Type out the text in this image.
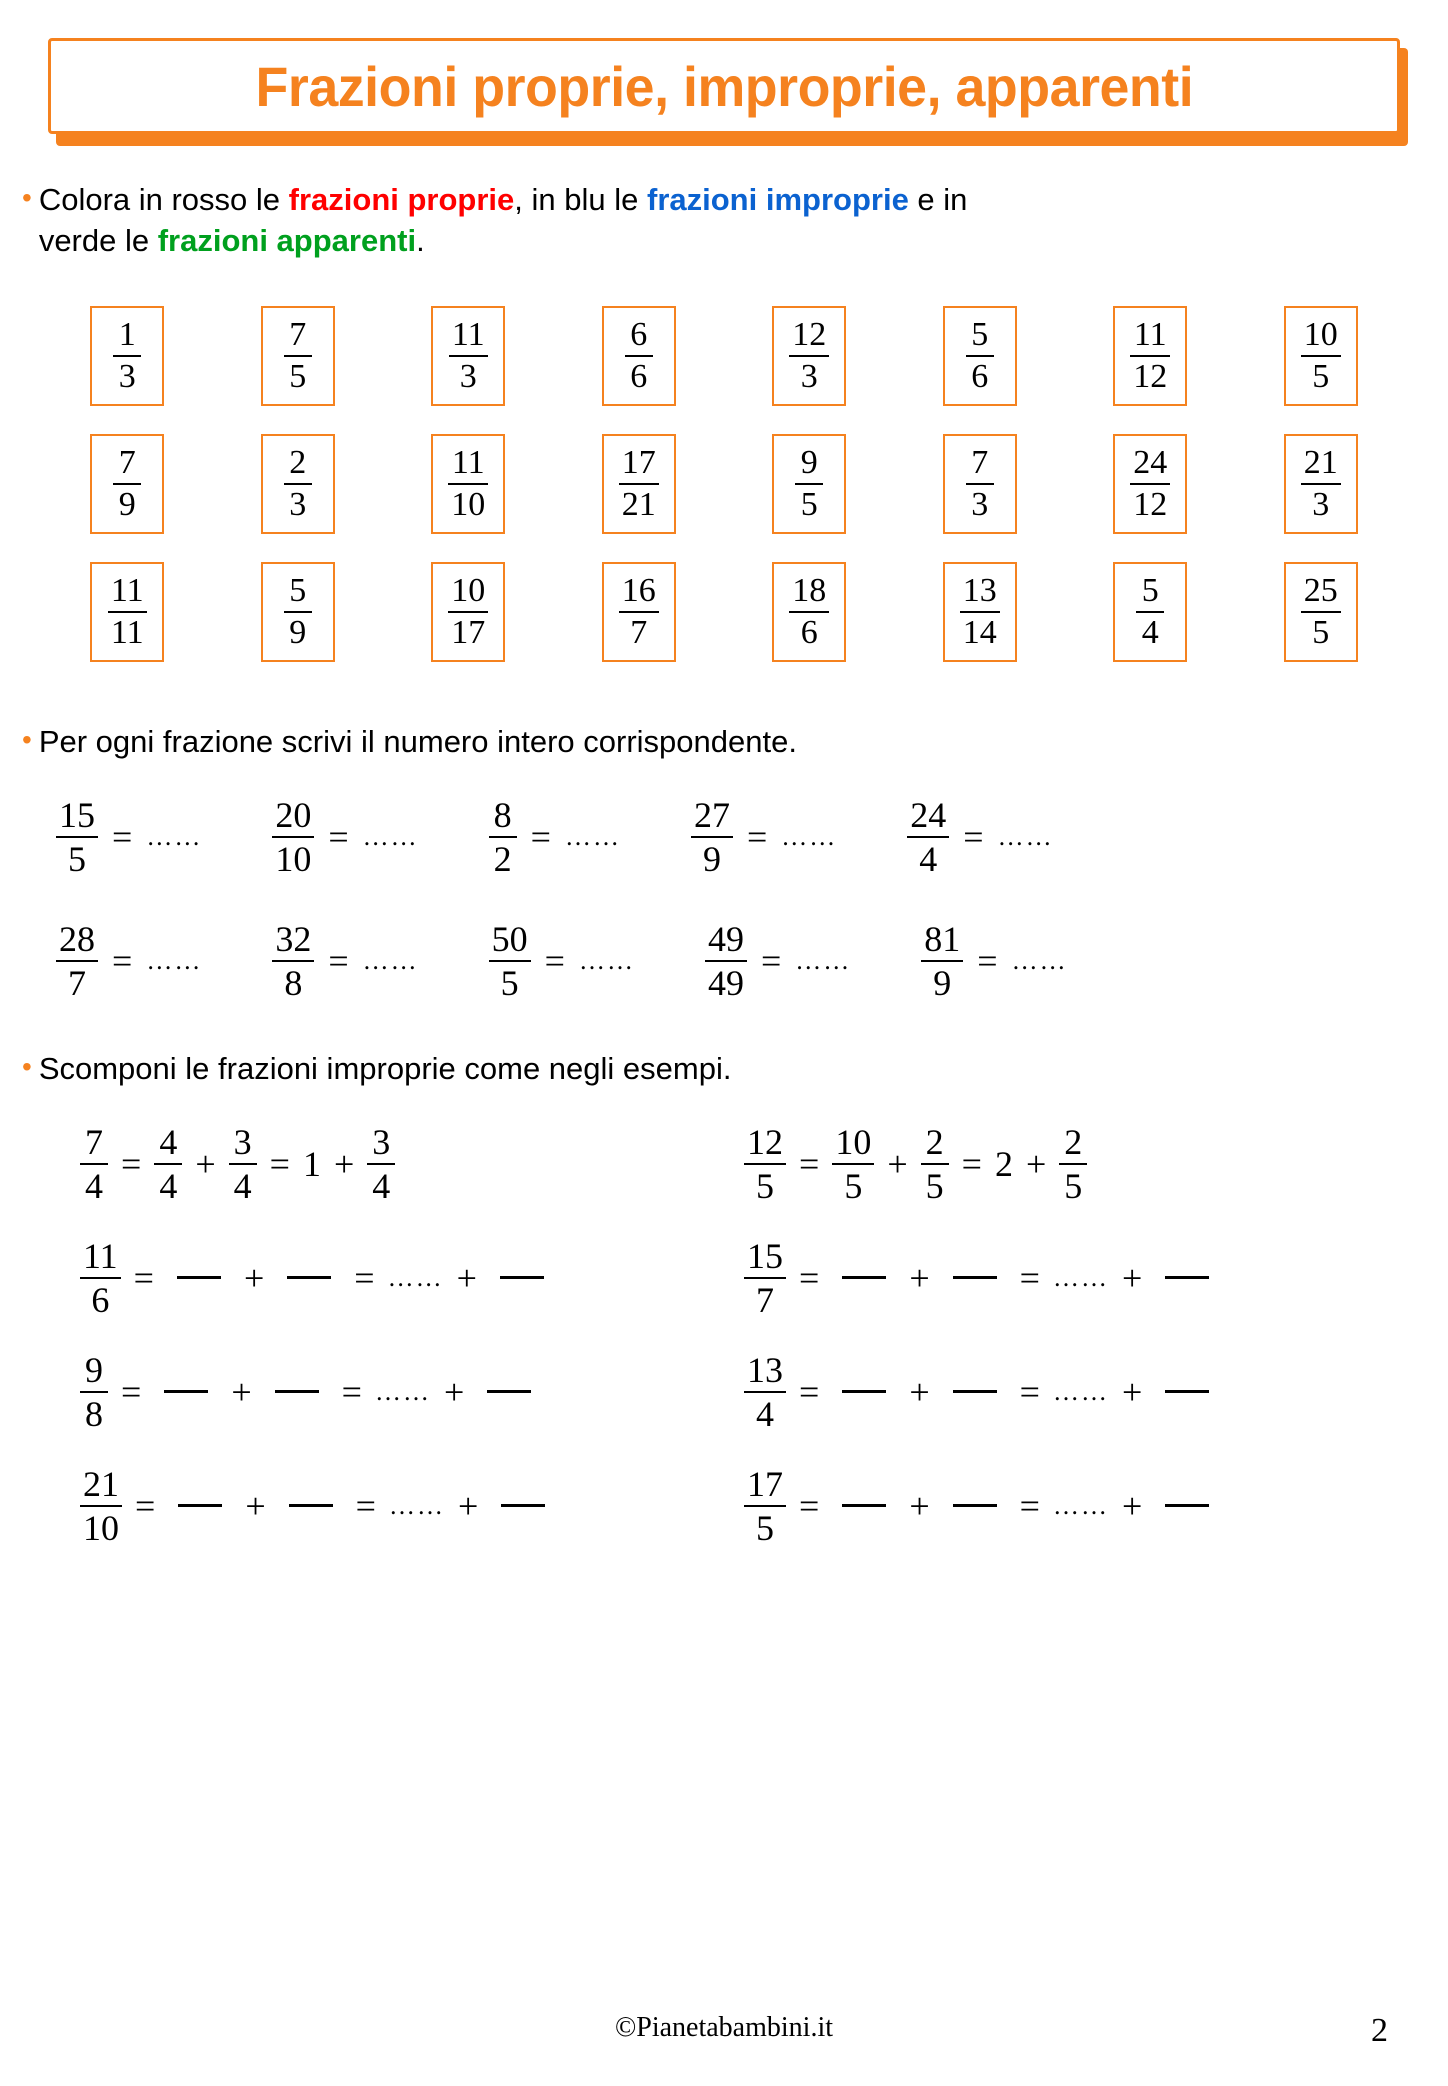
Frazioni proprie, improprie, apparenti
• Colora in rosso le frazioni proprie, in blu le frazioni improprie e in
verde le frazioni apparenti.
$\frac{1}{3}$	$\frac{7}{5}$	$\frac{11}{3}$	$\frac{6}{6}$	$\frac{12}{3}$	$\frac{5}{6}$	$\frac{11}{12}$	$\frac{10}{5}$
$\frac{7}{9}$	$\frac{2}{3}$	$\frac{11}{10}$	$\frac{17}{21}$	$\frac{9}{5}$	$\frac{7}{3}$	$\frac{24}{12}$	$\frac{21}{3}$
$\frac{11}{11}$	$\frac{5}{9}$	$\frac{10}{17}$	$\frac{16}{7}$	$\frac{18}{6}$	$\frac{13}{14}$	$\frac{5}{4}$	$\frac{25}{5}$
• Per ogni frazione scrivi il numero intero corrispondente.
$\frac{15}{5}$ = …… $\frac{20}{10}$ = …… $\frac{8}{2}$ = …… $\frac{27}{9}$ = …… $\frac{24}{4}$ = ……
$\frac{28}{7}$ = …… $\frac{32}{8}$ = …… $\frac{50}{5}$ = …… $\frac{49}{49}$ = …… $\frac{81}{9}$ = ……
• Scomponi le frazioni improprie come negli esempi.
$\frac{7}{4} = \frac{4}{4} + \frac{3}{4} = 1 + \frac{3}{4}$	$\frac{12}{5} = \frac{10}{5} + \frac{2}{5} = 2 + \frac{2}{5}$
$\frac{11}{6}$ =	+	= …… +	$\frac{15}{7}$ =	+	= …… +
$\frac{9}{8}$ =	+	= …… +	$\frac{13}{4}$ =	+	= …… +
$\frac{21}{10}$ =	+	= …… +	$\frac{17}{5}$ =	+	= …… +
©Pianetabambini.it	2
